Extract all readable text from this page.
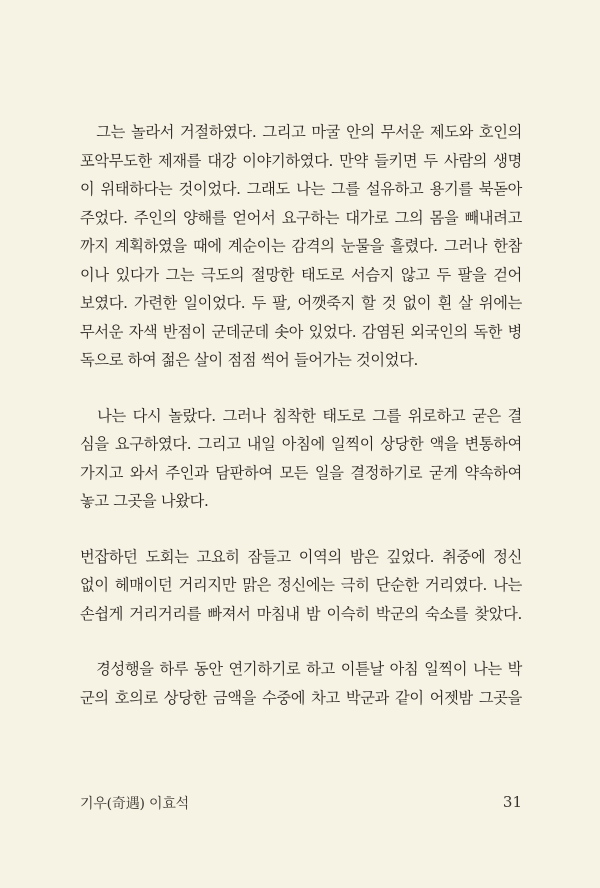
　그는 놀라서 거절하였다. 그리고 마굴 안의 무서운 제도와 호인의
포악무도한 제재를 대강 이야기하였다. 만약 들키면 두 사람의 생명
이 위태하다는 것이었다. 그래도 나는 그를 설유하고 용기를 북돋아
주었다. 주인의 양해를 얻어서 요구하는 대가로 그의 몸을 빼내려고
까지 계획하였을 때에 계순이는 감격의 눈물을 흘렸다. 그러나 한참
이나 있다가 그는 극도의 절망한 태도로 서슴지 않고 두 팔을 걷어
보였다. 가련한 일이었다. 두 팔, 어깻죽지 할 것 없이 흰 살 위에는
무서운 자색 반점이 군데군데 솟아 있었다. 감염된 외국인의 독한 병
독으로 하여 젊은 살이 점점 썩어 들어가는 것이었다.
　나는 다시 놀랐다. 그러나 침착한 태도로 그를 위로하고 굳은 결
심을 요구하였다. 그리고 내일 아침에 일찍이 상당한 액을 변통하여
가지고 와서 주인과 담판하여 모든 일을 결정하기로 굳게 약속하여
놓고 그곳을 나왔다.
번잡하던 도회는 고요히 잠들고 이역의 밤은 깊었다. 취중에 정신
없이 헤매이던 거리지만 맑은 정신에는 극히 단순한 거리였다. 나는
손쉽게 거리거리를 빠져서 마침내 밤 이슥히 박군의 숙소를 찾았다.
　경성행을 하루 동안 연기하기로 하고 이튿날 아침 일찍이 나는 박
군의 호의로 상당한 금액을 수중에 차고 박군과 같이 어젯밤 그곳을
기우(奇遇) 이효석	31
